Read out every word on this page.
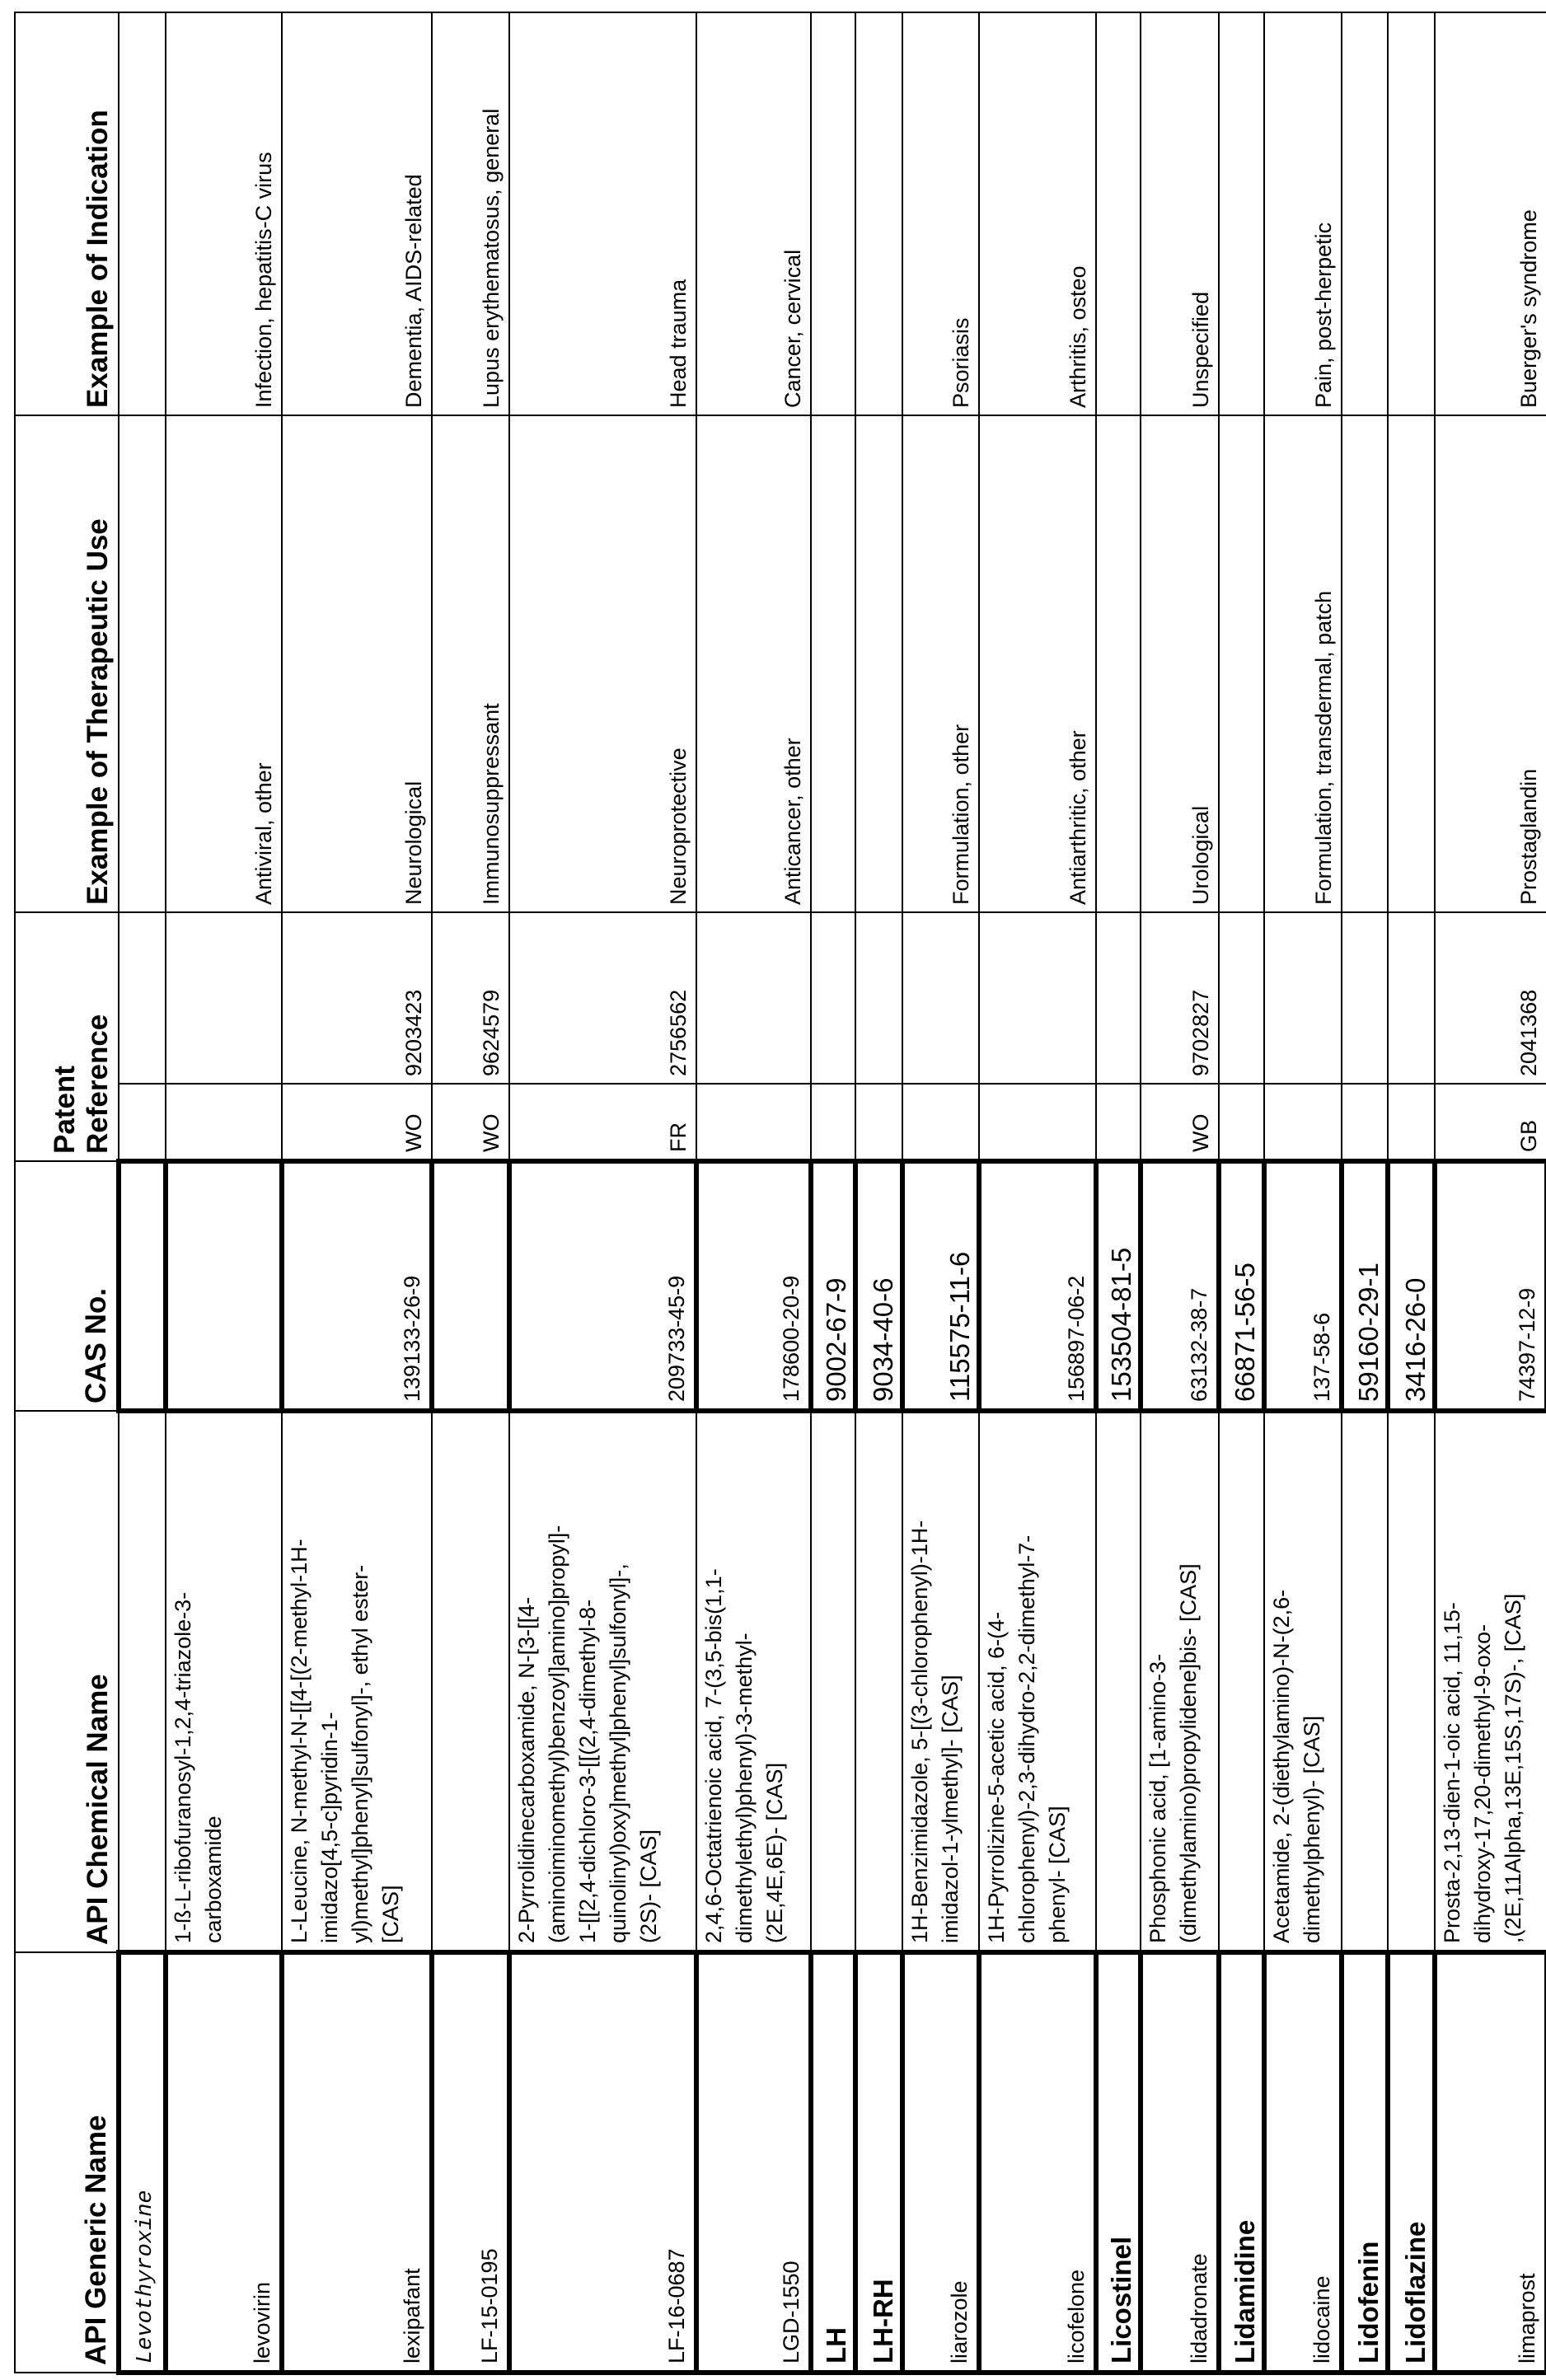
API Generic Name	API Chemical Name	CAS No.	Patent
Reference	Example of Therapeutic Use	Example of Indication
Levothyroxine						levovirin	1-ß-L-ribofuranosyl-1,2,4-triazole-3-
carboxamide				Antiviral, other	Infection, hepatitis-C virus
lexipafant	L-Leucine, N-methyl-N-[[4-[(2-methyl-1H-
imidazo[4,5-c]pyridin-1-
yl)methyl]phenyl]sulfonyl]-, ethyl ester-
[CAS]	139133-26-9	WO	9203423	Neurological	Dementia, AIDS-related
LF-15-0195			WO	9624579	Immunosuppressant	Lupus erythematosus, general
LF-16-0687	2-Pyrrolidinecarboxamide, N-[3-[[4-
(aminoiminomethyl)benzoyl]amino]propyl]-
1-[[2,4-dichloro-3-[[(2,4-dimethyl-8-
quinolinyl)oxy]methyl]phenyl]sulfonyl]-,
(2S)- [CAS]	209733-45-9	FR	2756562	Neuroprotective	Head trauma
LGD-1550	2,4,6-Octatrienoic acid, 7-(3,5-bis(1,1-
dimethylethyl)phenyl)-3-methyl-
(2E,4E,6E)- [CAS]	178600-20-9			Anticancer, other	Cancer, cervical
LH		9002-67-9				
LH-RH		9034-40-6				
liarozole	1H-Benzimidazole, 5-[(3-chlorophenyl)-1H-
imidazol-1-ylmethyl]- [CAS]	115575-11-6			Formulation, other	Psoriasis
licofelone	1H-Pyrrolizine-5-acetic acid, 6-(4-
chlorophenyl)-2,3-dihydro-2,2-dimethyl-7-
phenyl- [CAS]	156897-06-2			Antiarthritic, other	Arthritis, osteo
Licostinel		153504-81-5				
lidadronate	Phosphonic acid, [1-amino-3-
(dimethylamino)propylidene]bis- [CAS]	63132-38-7	WO	9702827	Urological	Unspecified
Lidamidine		66871-56-5				
lidocaine	Acetamide, 2-(diethylamino)-N-(2,6-
dimethylphenyl)- [CAS]	137-58-6			Formulation, transdermal, patch	Pain, post-herpetic
Lidofenin		59160-29-1				
Lidoflazine		3416-26-0				
limaprost	Prosta-2,13-dien-1-oic acid, 11,15-
dihydroxy-17,20-dimethyl-9-oxo-
,(2E,11Alpha,13E,15S,17S)-, [CAS]	74397-12-9	GB	2041368	Prostaglandin	Buerger's syndrome
